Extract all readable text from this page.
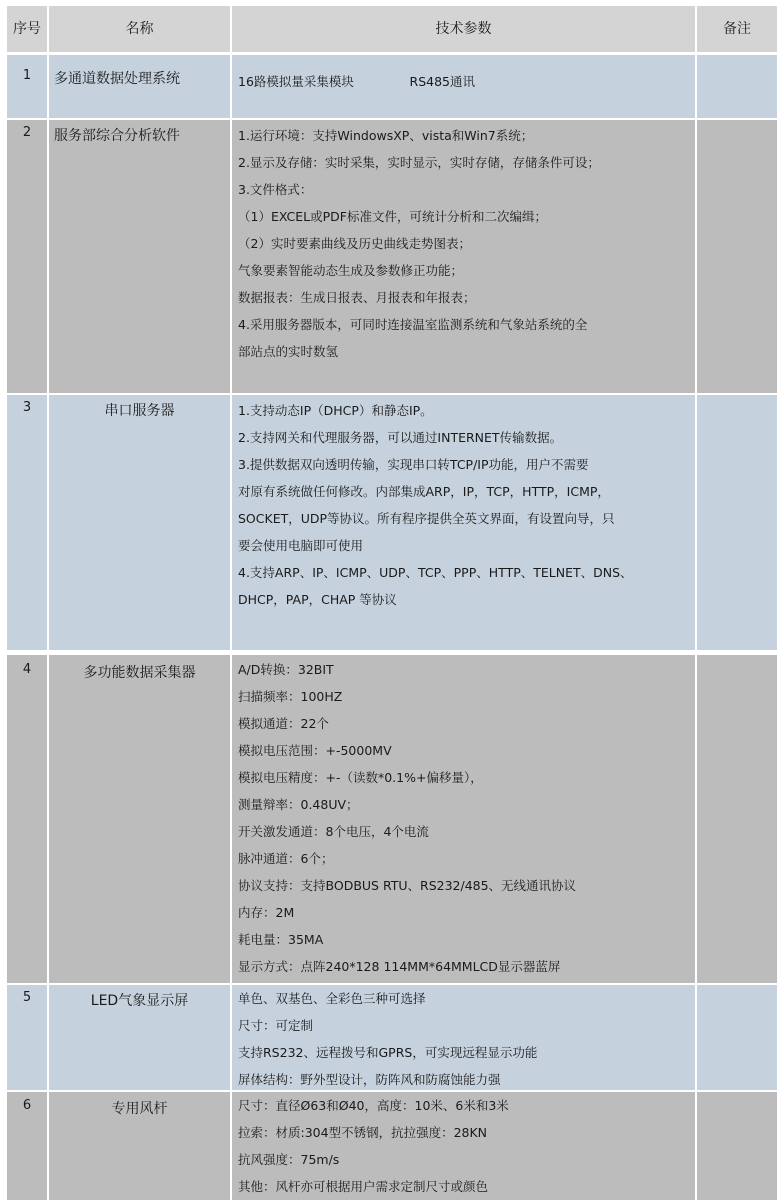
序号	名称	技术参数	备注
1	多通道数据处理系统	16路模拟量采集模块              RS485通讯
2	服务部综合分析软件	1.运行环境：支持WindowsXP、vista和Win7系统；
2.显示及存储：实时采集，实时显示，实时存储，存储条件可设；
3.文件格式：
（1）EXCEL或PDF标准文件，可统计分析和二次编缉；
（2）实时要素曲线及历史曲线走势图表；
气象要素智能动态生成及参数修正功能；
数据报表：生成日报表、月报表和年报表；
4.采用服务器版本，可同时连接温室监测系统和气象站系统的全
部站点的实时数氢
3	串口服务器	1.支持动态IP（DHCP）和静态IP。
2.支持网关和代理服务器，可以通过INTERNET传输数据。
3.提供数据双向透明传输，实现串口转TCP/IP功能，用户不需要
对原有系统做任何修改。内部集成ARP，IP，TCP，HTTP，ICMP，
SOCKET，UDP等协议。所有程序提供全英文界面，有设置向导，只
要会使用电脑即可使用
4.支持ARP、IP、ICMP、UDP、TCP、PPP、HTTP、TELNET、DNS、
DHCP，PAP，CHAP 等协议
4	多功能数据采集器	A/D转换：32BIT
扫描频率：100HZ
模拟通道：22个
模拟电压范围：+-5000MV
模拟电压精度：+-（读数*0.1%+偏移量），
测量辩率：0.48UV；
开关激发通道：8个电压，4个电流
脉冲通道：6个；
协议支持：支持BODBUS RTU、RS232/485、无线通讯协议
内存：2M
耗电量：35MA
显示方式：点阵240*128 114MM*64MMLCD显示器蓝屏
5	LED气象显示屏	单色、双基色、全彩色三种可选择
尺寸：可定制
支持RS232、远程拨号和GPRS，可实现远程显示功能
屏体结构：野外型设计，防阵风和防腐蚀能力强
6	专用风杆	尺寸：直径Ø63和Ø40，高度：10米、6米和3米
拉索：材质:304型不锈钢，抗拉强度：28KN
抗风强度：75m/s
其他：风杆亦可根据用户需求定制尺寸或颜色
